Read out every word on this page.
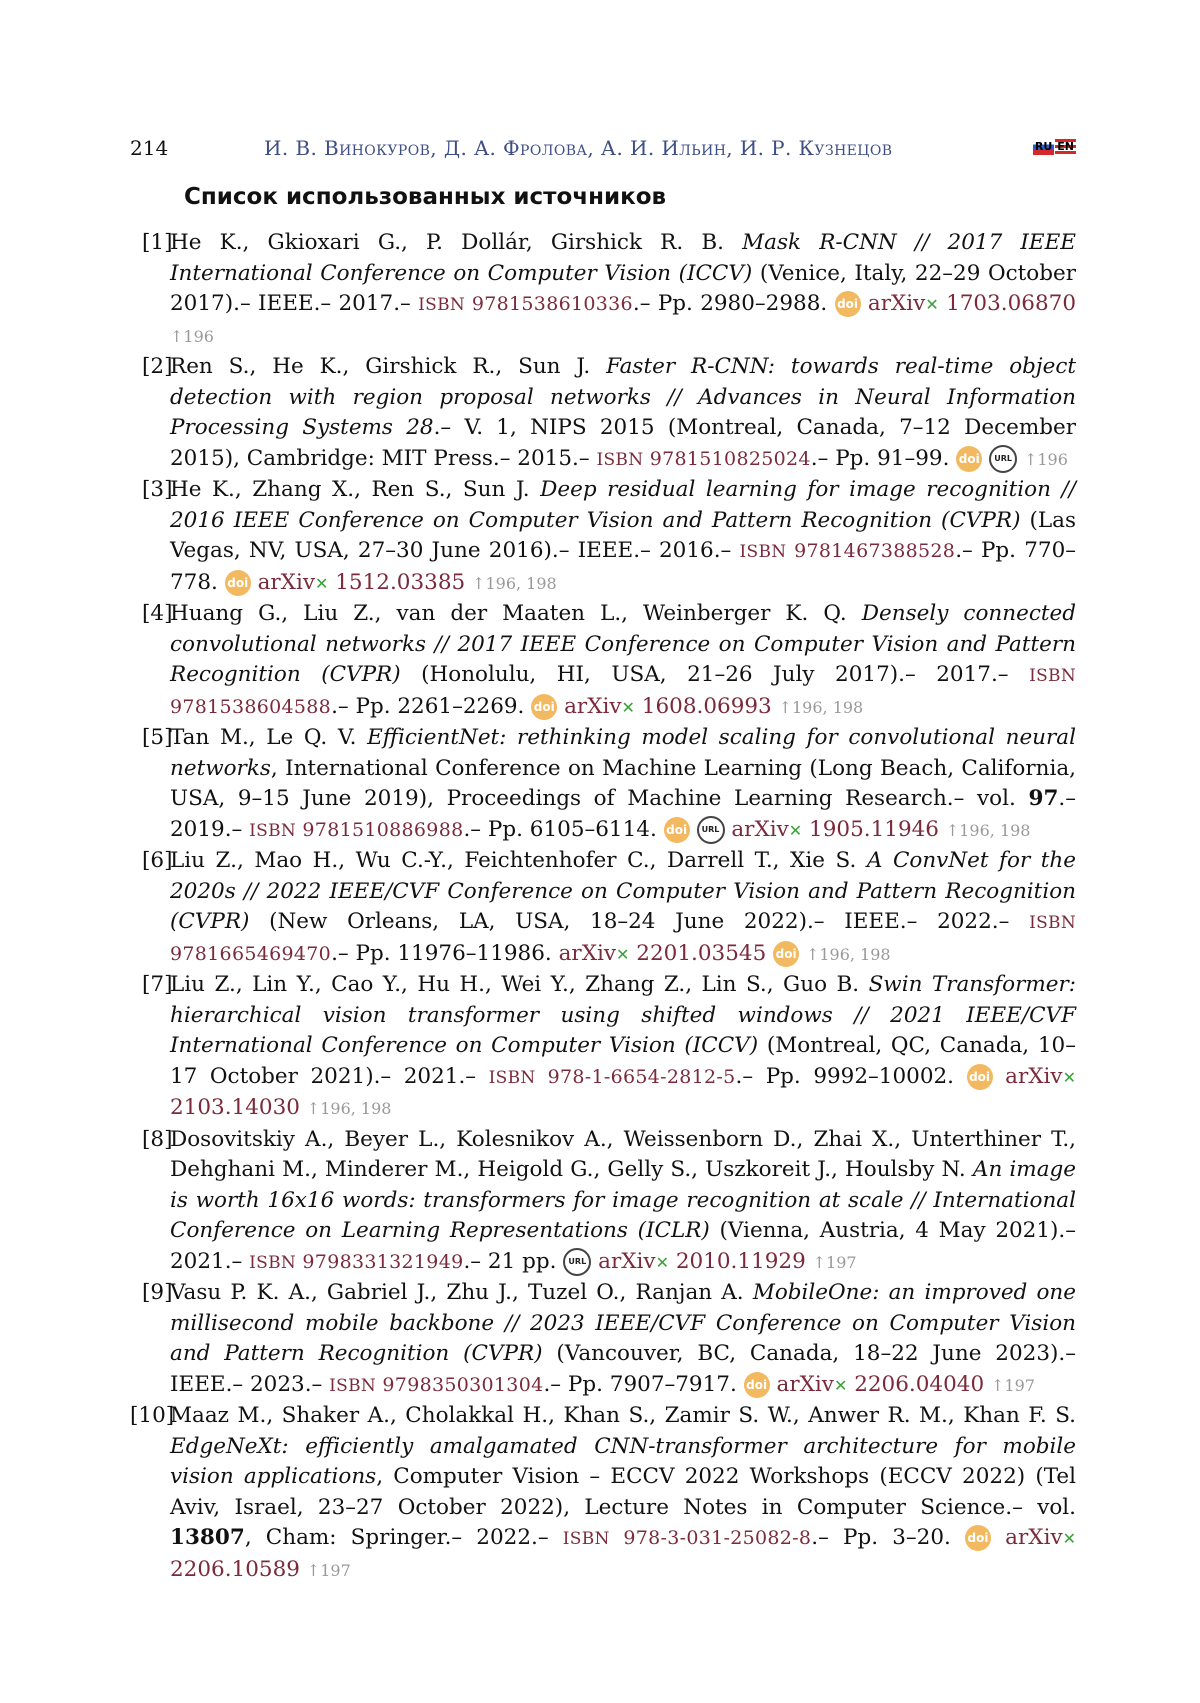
214	И. В. Винокуров, Д. А. Фролова, А. И. Ильин, И. Р. Кузнецов	RU EN
Список использованных источников
[1]
He K., Gkioxari G., P. Dollár, Girshick R. B. Mask R-CNN // 2017 IEEE International Conference on Computer Vision (ICCV) (Venice, Italy, 22–29 October 2017).– IEEE.– 2017.– ISBN 9781538610336.– Pp. 2980–2988. doi arXiv✕ 1703.06870 ↑196
[2]
Ren S., He K., Girshick R., Sun J. Faster R-CNN: towards real-time object detection with region proposal networks // Advances in Neural Information Processing Systems 28.– V. 1, NIPS 2015 (Montreal, Canada, 7–12 December 2015), Cambridge: MIT Press.– 2015.– ISBN 9781510825024.– Pp. 91–99. doi URL ↑196
[3]
He K., Zhang X., Ren S., Sun J. Deep residual learning for image recognition // 2016 IEEE Conference on Computer Vision and Pattern Recognition (CVPR) (Las Vegas, NV, USA, 27–30 June 2016).– IEEE.– 2016.– ISBN 9781467388528.– Pp. 770–778. doi arXiv✕ 1512.03385 ↑196, 198
[4]
Huang G., Liu Z., van der Maaten L., Weinberger K. Q. Densely connected convolutional networks // 2017 IEEE Conference on Computer Vision and Pattern Recognition (CVPR) (Honolulu, HI, USA, 21–26 July 2017).– 2017.– ISBN 9781538604588.– Pp. 2261–2269. doi arXiv✕ 1608.06993 ↑196, 198
[5]
Tan M., Le Q. V. EfficientNet: rethinking model scaling for convolutional neural networks, International Conference on Machine Learning (Long Beach, California, USA, 9–15 June 2019), Proceedings of Machine Learning Research.– vol. 97.– 2019.– ISBN 9781510886988.– Pp. 6105–6114. doi URL arXiv✕ 1905.11946 ↑196, 198
[6]
Liu Z., Mao H., Wu C.-Y., Feichtenhofer C., Darrell T., Xie S. A ConvNet for the 2020s // 2022 IEEE/CVF Conference on Computer Vision and Pattern Recognition (CVPR) (New Orleans, LA, USA, 18–24 June 2022).– IEEE.– 2022.– ISBN 9781665469470.– Pp. 11976–11986. arXiv✕ 2201.03545 doi ↑196, 198
[7]
Liu Z., Lin Y., Cao Y., Hu H., Wei Y., Zhang Z., Lin S., Guo B. Swin Transformer: hierarchical vision transformer using shifted windows // 2021 IEEE/CVF International Conference on Computer Vision (ICCV) (Montreal, QC, Canada, 10–17 October 2021).– 2021.– ISBN 978-1-6654-2812-5.– Pp. 9992–10002. doi arXiv✕ 2103.14030 ↑196, 198
[8]
Dosovitskiy A., Beyer L., Kolesnikov A., Weissenborn D., Zhai X., Unterthiner T., Dehghani M., Minderer M., Heigold G., Gelly S., Uszkoreit J., Houlsby N. An image is worth 16x16 words: transformers for image recognition at scale // International Conference on Learning Representations (ICLR) (Vienna, Austria, 4 May 2021).– 2021.– ISBN 9798331321949.– 21 pp. URL arXiv✕ 2010.11929 ↑197
[9]
Vasu P. K. A., Gabriel J., Zhu J., Tuzel O., Ranjan A. MobileOne: an improved one millisecond mobile backbone // 2023 IEEE/CVF Conference on Computer Vision and Pattern Recognition (CVPR) (Vancouver, BC, Canada, 18–22 June 2023).– IEEE.– 2023.– ISBN 9798350301304.– Pp. 7907–7917. doi arXiv✕ 2206.04040 ↑197
[10]
Maaz M., Shaker A., Cholakkal H., Khan S., Zamir S. W., Anwer R. M., Khan F. S. EdgeNeXt: efficiently amalgamated CNN-transformer architecture for mobile vision applications, Computer Vision – ECCV 2022 Workshops (ECCV 2022) (Tel Aviv, Israel, 23–27 October 2022), Lecture Notes in Computer Science.– vol. 13807, Cham: Springer.– 2022.– ISBN 978-3-031-25082-8.– Pp. 3–20. doi arXiv✕ 2206.10589 ↑197
